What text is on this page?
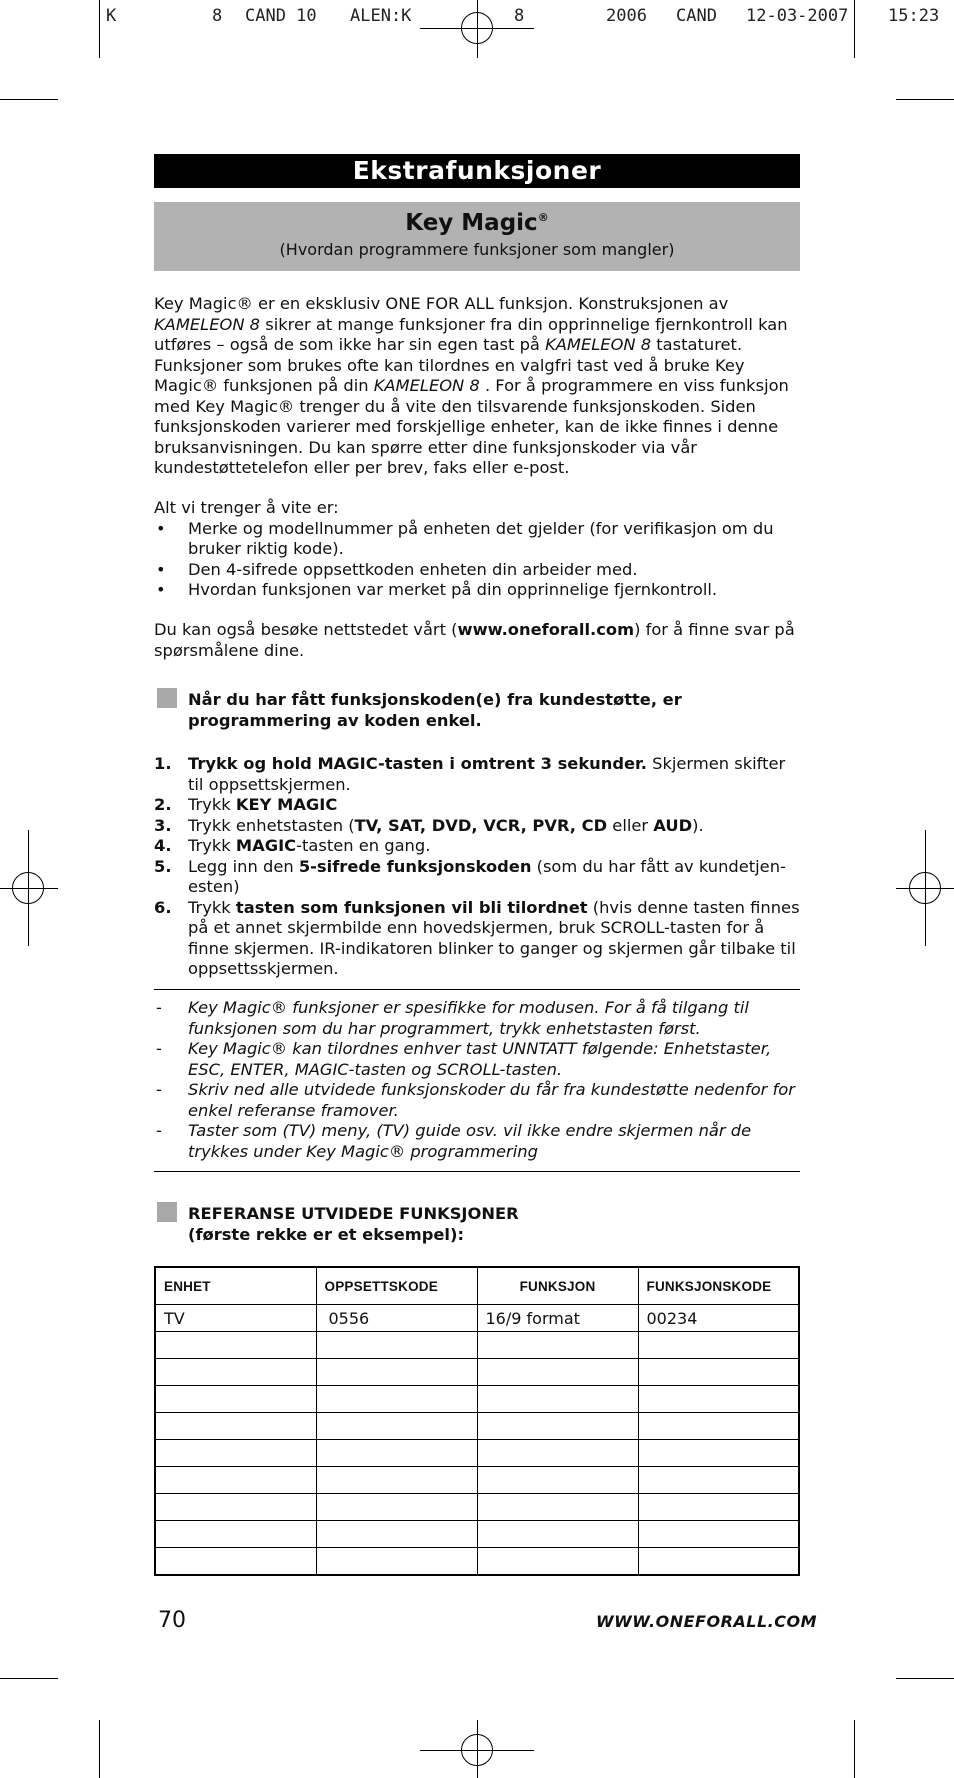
K	8 CAND 10 ALEN:K	8	2006 CAND 12-03-2007 15:23
Ekstrafunksjoner
Key Magic®
(Hvordan programmere funksjoner som mangler)

Key Magic® er en eksklusiv ONE FOR ALL funksjon. Konstruksjonen av KAMELEON 8 sikrer at mange funksjoner fra din opprinnelige fjernkontroll kan utføres – også de som ikke har sin egen tast på KAMELEON 8 tastaturet. Funksjoner som brukes ofte kan tilordnes en valgfri tast ved å bruke Key Magic® funksjonen på din KAMELEON 8 . For å programmere en viss funksjon med Key Magic® trenger du å vite den tilsvarende funksjonskoden. Siden funksjonskoden varierer med forskjellige enheter, kan de ikke finnes i denne bruksanvisningen. Du kan spørre etter dine funksjonskoder via vår kundestøttetelefon eller per brev, faks eller e-post.

Alt vi trenger å vite er:

• Merke og modellnummer på enheten det gjelder (for verifikasjon om du bruker riktig kode).
• Den 4-sifrede oppsettkoden enheten din arbeider med.
• Hvordan funksjonen var merket på din opprinnelige fjernkontroll.

Du kan også besøke nettstedet vårt (www.oneforall.com) for å finne svar på spørsmålene dine.

Når du har fått funksjonskoden(e) fra kundestøtte, er programmering av koden enkel.

1. Trykk og hold MAGIC-tasten i omtrent 3 sekunder. Skjermen skifter til oppsettskjermen.
2. Trykk KEY MAGIC
3. Trykk enhetstasten (TV, SAT, DVD, VCR, PVR, CD eller AUD).
4. Trykk MAGIC-tasten en gang.
5. Legg inn den 5-sifrede funksjonskoden (som du har fått av kundetjen-esten)
6. Trykk tasten som funksjonen vil bli tilordnet (hvis denne tasten finnes på et annet skjermbilde enn hovedskjermen, bruk SCROLL-tasten for å finne skjermen. IR-indikatoren blinker to ganger og skjermen går tilbake til oppsettsskjermen.
- Key Magic® funksjoner er spesifikke for modusen. For å få tilgang til funksjonen som du har programmert, trykk enhetstasten først.
- Key Magic® kan tilordnes enhver tast UNNTATT følgende: Enhetstaster, ESC, ENTER, MAGIC-tasten og SCROLL-tasten.
- Skriv ned alle utvidede funksjonskoder du får fra kundestøtte nedenfor for enkel referanse framover.
- Taster som (TV) meny, (TV) guide osv. vil ikke endre skjermen når de trykkes under Key Magic® programmering
REFERANSE UTVIDEDE FUNKSJONER
(første rekke er et eksempel):
ENHET	OPPSETTSKODE	FUNKSJON	FUNKSJONSKODE
TV	0556	16/9 format	00234

70	WWW.ONEFORALL.COM
